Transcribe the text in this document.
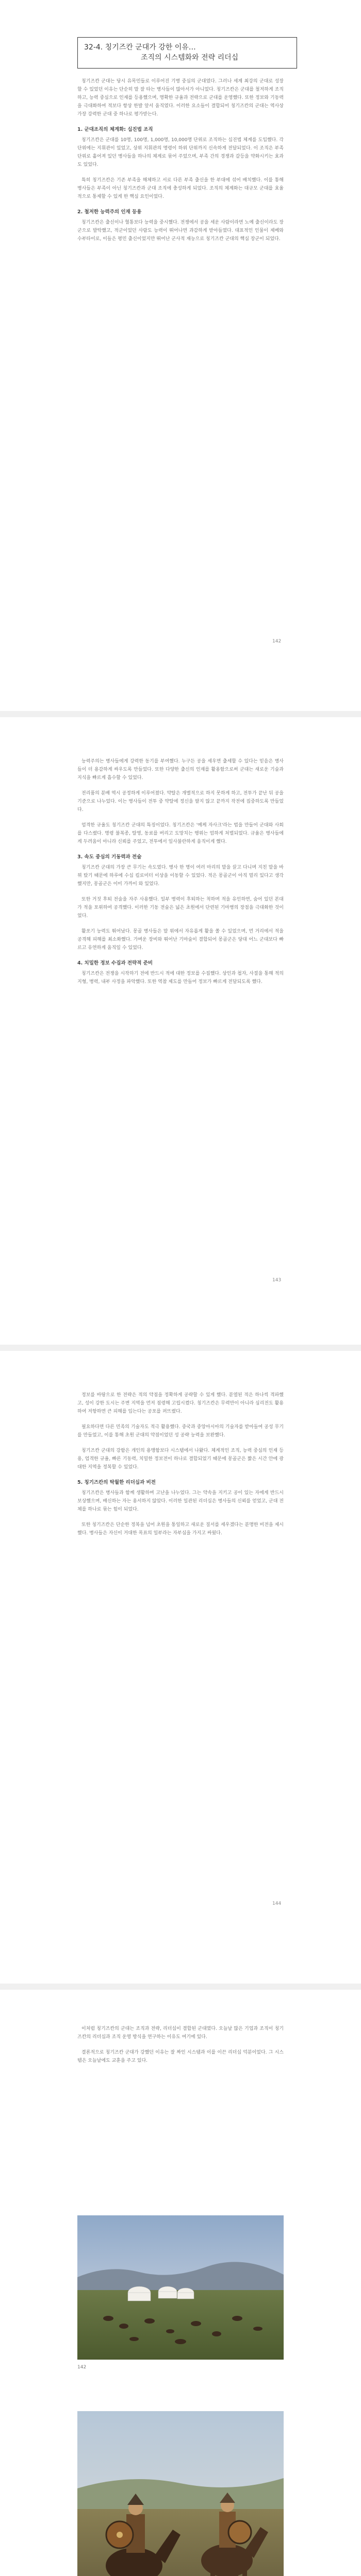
32-4. 칭기즈칸 군대가 강한 이유…
조직의 시스템화와 전략 리더십

칭기즈칸 군대는 당시 유목민들로 이루어진 기병 중심의 군대였다. 그러나 세계 최강의 군대로 성장할 수 있었던 이유는 단순히 말 잘 타는 병사들이 많아서가 아니었다. 칭기즈칸은 군대를 철저하게 조직하고, 능력 중심으로 인재를 등용했으며, 명확한 규율과 전략으로 군대를 운영했다. 또한 정보와 기동력을 극대화하여 적보다 항상 한발 앞서 움직였다. 이러한 요소들이 결합되어 칭기즈칸의 군대는 역사상 가장 강력한 군대 중 하나로 평가받는다.

1. 군대조직의 체계화: 십진법 조직

칭기즈칸은 군대를 10명, 100명, 1,000명, 10,000명 단위로 조직하는 십진법 체계를 도입했다. 각 단위에는 지휘관이 있었고, 상위 지휘관의 명령이 하위 단위까지 신속하게 전달되었다. 이 조직은 부족 단위로 흩어져 있던 병사들을 하나의 체계로 묶어 주었으며, 부족 간의 경쟁과 갈등을 약화시키는 효과도 있었다.

특히 칭기즈칸은 기존 부족을 해체하고 서로 다른 부족 출신을 한 부대에 섞어 배치했다. 이를 통해 병사들은 부족이 아닌 칭기즈칸과 군대 조직에 충성하게 되었다. 조직의 체계화는 대규모 군대를 효율적으로 통제할 수 있게 한 핵심 요인이었다.

2. 철저한 능력주의 인재 등용

칭기즈칸은 출신이나 혈통보다 능력을 중시했다. 전쟁에서 공을 세운 사람이라면 노예 출신이라도 장군으로 발탁했고, 적군이었던 사람도 능력이 뛰어나면 과감하게 받아들였다. 대표적인 인물이 제베와 수부타이로, 이들은 평민 출신이었지만 뛰어난 군사적 재능으로 칭기즈칸 군대의 핵심 장군이 되었다.

142

능력주의는 병사들에게 강력한 동기를 부여했다. 누구든 공을 세우면 출세할 수 있다는 믿음은 병사들이 더 용감하게 싸우도록 만들었다. 또한 다양한 출신의 인재를 활용함으로써 군대는 새로운 기술과 지식을 빠르게 흡수할 수 있었다.

전리품의 분배 역시 공정하게 이루어졌다. 약탈은 개별적으로 하지 못하게 하고, 전투가 끝난 뒤 공을 기준으로 나누었다. 이는 병사들이 전투 중 약탈에 정신을 팔지 않고 끝까지 작전에 집중하도록 만들었다.

엄격한 규율도 칭기즈칸 군대의 특징이었다. 칭기즈칸은 '예케 자사크'라는 법을 만들어 군대와 사회를 다스렸다. 명령 불복종, 탈영, 동료를 버리고 도망치는 행위는 엄하게 처벌되었다. 규율은 병사들에게 두려움이 아니라 신뢰를 주었고, 전투에서 일사불란하게 움직이게 했다.

3. 속도 중심의 기동력과 전술

칭기즈칸 군대의 가장 큰 무기는 속도였다. 병사 한 명이 여러 마리의 말을 끌고 다니며 지친 말을 바꿔 탔기 때문에 하루에 수십 킬로미터 이상을 이동할 수 있었다. 적은 몽골군이 아직 멀리 있다고 생각했지만, 몽골군은 이미 가까이 와 있었다.

또한 거짓 후퇴 전술을 자주 사용했다. 일부 병력이 후퇴하는 척하며 적을 유인하면, 숨어 있던 본대가 적을 포위하여 공격했다. 이러한 기동 전술은 넓은 초원에서 단련된 기마병의 장점을 극대화한 것이었다.

활쏘기 능력도 뛰어났다. 몽골 병사들은 말 위에서 자유롭게 활을 쏠 수 있었으며, 먼 거리에서 적을 공격해 피해를 최소화했다. 가벼운 장비와 뛰어난 기마술이 결합되어 몽골군은 당대 어느 군대보다 빠르고 유연하게 움직일 수 있었다.

4. 치밀한 정보 수집과 전략적 준비

칭기즈칸은 전쟁을 시작하기 전에 반드시 적에 대한 정보를 수집했다. 상인과 첩자, 사절을 통해 적의 지형, 병력, 내부 사정을 파악했다. 또한 역참 제도를 만들어 정보가 빠르게 전달되도록 했다.

143

정보를 바탕으로 한 전략은 적의 약점을 정확하게 공략할 수 있게 했다. 분열된 적은 하나씩 격파했고, 성이 강한 도시는 주변 지역을 먼저 점령해 고립시켰다. 칭기즈칸은 무력만이 아니라 심리전도 활용하여 저항하면 큰 피해를 입는다는 공포를 퍼뜨렸다.

필요하다면 다른 민족의 기술자도 적극 활용했다. 중국과 중앙아시아의 기술자를 받아들여 공성 무기를 만들었고, 이를 통해 초원 군대의 약점이었던 성 공략 능력을 보완했다.

칭기즈칸 군대의 강함은 개인의 용맹함보다 시스템에서 나왔다. 체계적인 조직, 능력 중심의 인재 등용, 엄격한 규율, 빠른 기동력, 치밀한 정보전이 하나로 결합되었기 때문에 몽골군은 짧은 시간 안에 광대한 지역을 정복할 수 있었다.

5. 칭기즈칸의 탁월한 리더십과 비전

칭기즈칸은 병사들과 함께 생활하며 고난을 나누었다. 그는 약속을 지키고 공이 있는 자에게 반드시 보상했으며, 배신하는 자는 용서하지 않았다. 이러한 일관된 리더십은 병사들의 신뢰를 얻었고, 군대 전체를 하나로 묶는 힘이 되었다.

또한 칭기즈칸은 단순한 정복을 넘어 초원을 통일하고 새로운 질서를 세우겠다는 분명한 비전을 제시했다. 병사들은 자신이 거대한 목표의 일부라는 자부심을 가지고 싸웠다.

144

이처럼 칭기즈칸의 군대는 조직과 전략, 리더십이 결합된 군대였다. 오늘날 많은 기업과 조직이 칭기즈칸의 리더십과 조직 운영 방식을 연구하는 이유도 여기에 있다.

결론적으로 칭기즈칸 군대가 강했던 이유는 잘 짜인 시스템과 이를 이끈 리더십 덕분이었다. 그 시스템은 오늘날에도 교훈을 주고 있다.

142
